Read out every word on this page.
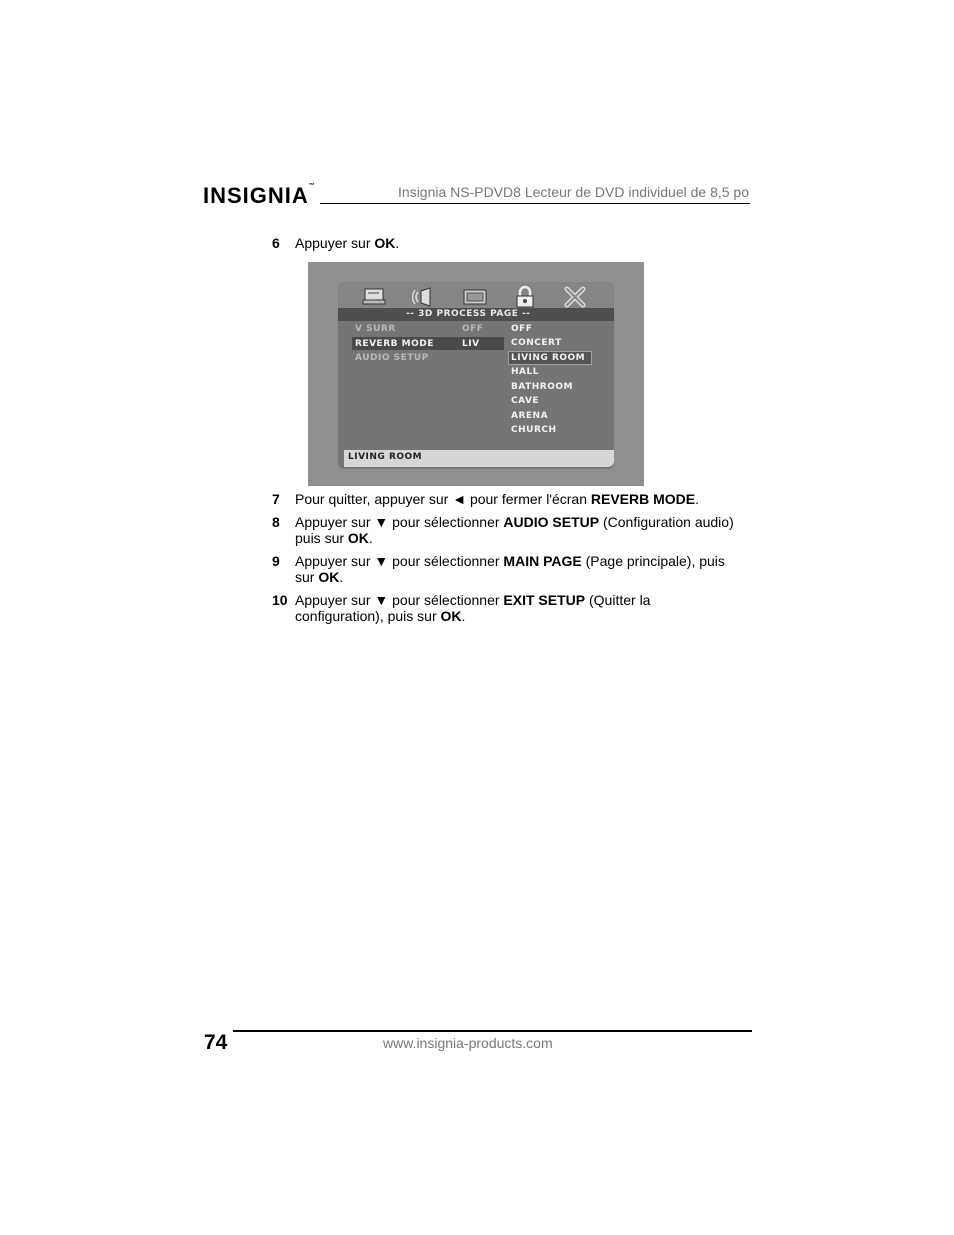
INSIGNIA™	Insignia NS-PDVD8 Lecteur de DVD individuel de 8,5 po
6 Appuyer sur OK.
-- 3D PROCESS PAGE --
V SURR	OFF
REVERB MODE	LIV
AUDIO SETUP
OFF
CONCERT
LIVING ROOM
HALL
BATHROOM
CAVE
ARENA
CHURCH
LIVING ROOM
7 Pour quitter, appuyer sur ◄ pour fermer l'écran REVERB MODE.
8 Appuyer sur ▼ pour sélectionner AUDIO SETUP (Configuration audio) puis sur OK.
9 Appuyer sur ▼ pour sélectionner MAIN PAGE (Page principale), puis sur OK.
10 Appuyer sur ▼ pour sélectionner EXIT SETUP (Quitter la configuration), puis sur OK.
74	www.insignia-products.com
